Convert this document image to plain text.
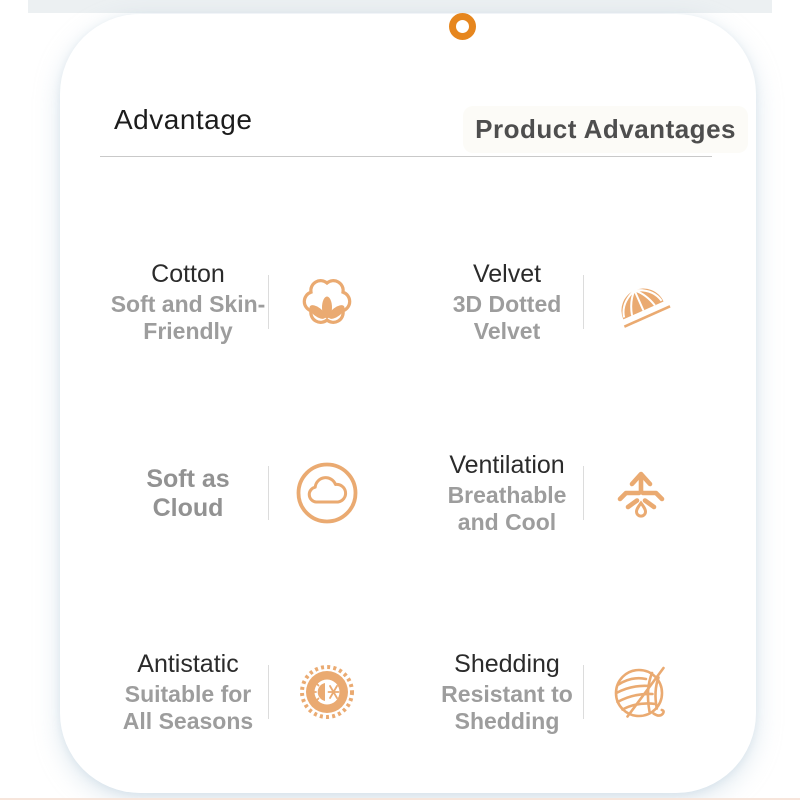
Advantage	Product Advantages
Cotton
Soft and Skin-Friendly
Velvet
3D Dotted Velvet
Soft as Cloud
Ventilation
Breathable and Cool
Antistatic
Suitable for All Seasons
Shedding
Resistant to Shedding
